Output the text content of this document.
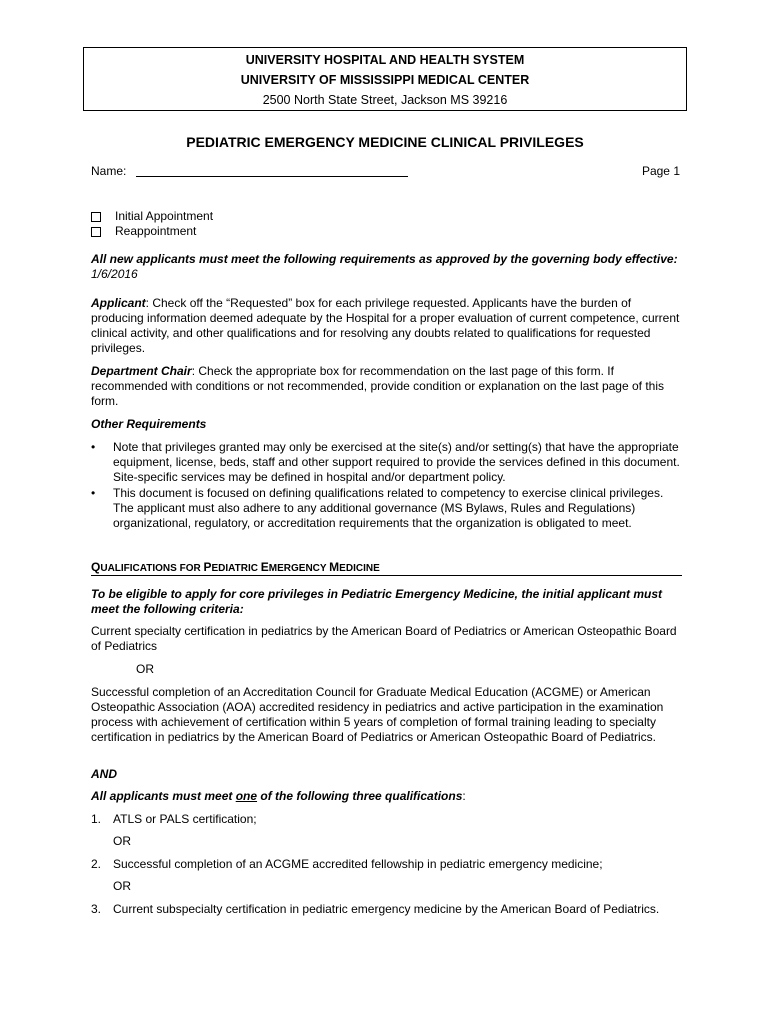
UNIVERSITY HOSPITAL AND HEALTH SYSTEM
UNIVERSITY OF MISSISSIPPI MEDICAL CENTER
2500 North State Street, Jackson MS 39216
PEDIATRIC EMERGENCY MEDICINE CLINICAL PRIVILEGES
Name:	Page 1
Initial Appointment
Reappointment
All new applicants must meet the following requirements as approved by the governing body effective: 1/6/2016
Applicant: Check off the “Requested” box for each privilege requested. Applicants have the burden of producing information deemed adequate by the Hospital for a proper evaluation of current competence, current clinical activity, and other qualifications and for resolving any doubts related to qualifications for requested privileges.
Department Chair: Check the appropriate box for recommendation on the last page of this form. If recommended with conditions or not recommended, provide condition or explanation on the last page of this form.
Other Requirements
• Note that privileges granted may only be exercised at the site(s) and/or setting(s) that have the appropriate equipment, license, beds, staff and other support required to provide the services defined in this document. Site-specific services may be defined in hospital and/or department policy.
• This document is focused on defining qualifications related to competency to exercise clinical privileges. The applicant must also adhere to any additional governance (MS Bylaws, Rules and Regulations) organizational, regulatory, or accreditation requirements that the organization is obligated to meet.
QUALIFICATIONS FOR PEDIATRIC EMERGENCY MEDICINE
To be eligible to apply for core privileges in Pediatric Emergency Medicine, the initial applicant must meet the following criteria:
Current specialty certification in pediatrics by the American Board of Pediatrics or American Osteopathic Board of Pediatrics
OR
Successful completion of an Accreditation Council for Graduate Medical Education (ACGME) or American Osteopathic Association (AOA) accredited residency in pediatrics and active participation in the examination process with achievement of certification within 5 years of completion of formal training leading to specialty certification in pediatrics by the American Board of Pediatrics or American Osteopathic Board of Pediatrics.
AND
All applicants must meet one of the following three qualifications:
1. ATLS or PALS certification;
OR
2. Successful completion of an ACGME accredited fellowship in pediatric emergency medicine;
OR
3. Current subspecialty certification in pediatric emergency medicine by the American Board of Pediatrics.
